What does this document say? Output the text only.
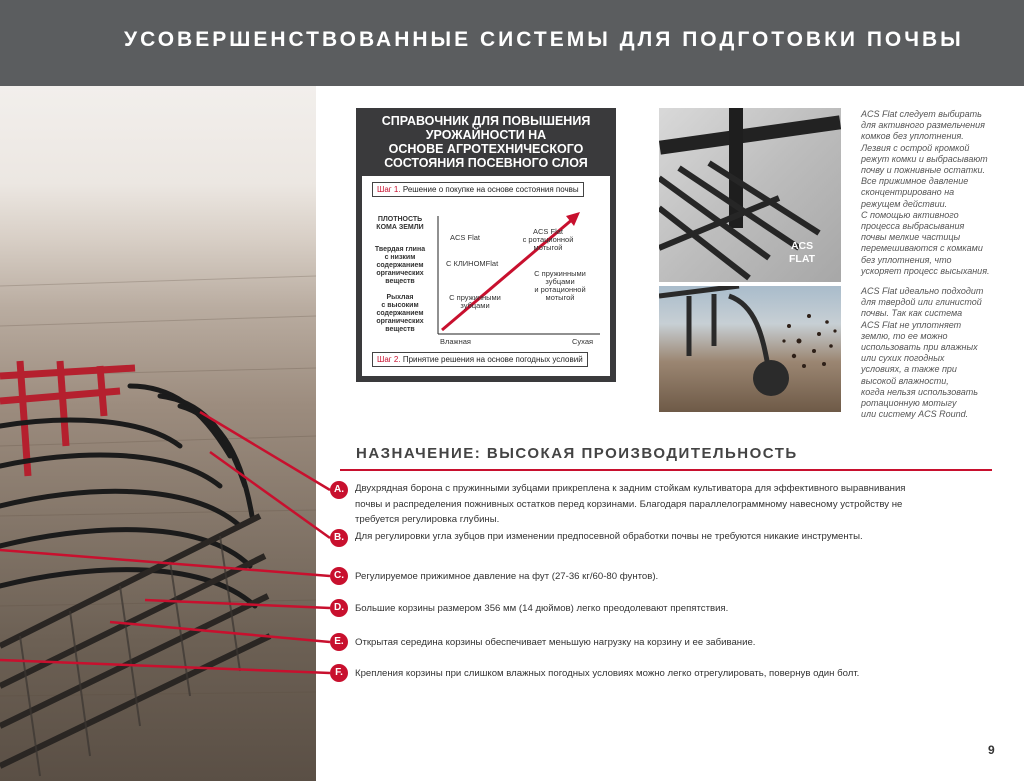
УСОВЕРШЕНСТВОВАННЫЕ СИСТЕМЫ ДЛЯ ПОДГОТОВКИ ПОЧВЫ
СПРАВОЧНИК ДЛЯ ПОВЫШЕНИЯ
УРОЖАЙНОСТИ НА
ОСНОВЕ АГРОТЕХНИЧЕСКОГО
СОСТОЯНИЯ ПОСЕВНОГО СЛОЯ
Шаг 1. Решение о покупке на основе состояния почвы
ПЛОТНОСТЬ
КОМА ЗЕМЛИ
Твердая глина
с низким
содержанием
органических
веществ
Рыхлая
с высоким
содержанием
органических
веществ
ACS Flat
ACS Flat
с ротационной
мотыгой
С КЛИНОМFlat
С пружинными
зубцами
и ротационной
мотыгой
С пружинными
зубцами
Влажная	Сухая
Шаг 2. Принятие решения на основе погодных условий
ACS
FLAT
ACS Flat следует выбирать
для активного размельчения
комков без уплотнения.
Лезвия с острой кромкой
режут комки и выбрасывают
почву и пожнивные остатки.
Все прижимное давление
сконцентрировано на
режущем действии.
С помощью активного
процесса выбрасывания
почвы мелкие частицы
перемешиваются с комками
без уплотнения, что
ускоряет процесс высыхания.
ACS Flat идеально подходит
для твердой или глинистой
почвы. Так как система
ACS Flat не уплотняет
землю, то ее можно
использовать при влажных
или сухих погодных
условиях, а также при
высокой влажности,
когда нельзя использовать
ротационную мотыгу
или систему ACS Round.
НАЗНАЧЕНИЕ: ВЫСОКАЯ ПРОИЗВОДИТЕЛЬНОСТЬ
A.	Двухрядная борона с пружинными зубцами прикреплена к задним стойкам культиватора для эффективного выравнивания
почвы и распределения пожнивных остатков перед корзинами. Благодаря параллелограммному навесному устройству не
требуется регулировка глубины.
B.	Для регулировки угла зубцов при изменении предпосевной обработки почвы не требуются никакие инструменты.
C.	Регулируемое прижимное давление на фут (27-36 кг/60-80 фунтов).
D.	Большие корзины размером 356 мм (14 дюймов) легко преодолевают препятствия.
E.	Открытая середина корзины обеспечивает меньшую нагрузку на корзину и ее забивание.
F.	Крепления корзины при слишком влажных погодных условиях можно легко отрегулировать, повернув один болт.
9
